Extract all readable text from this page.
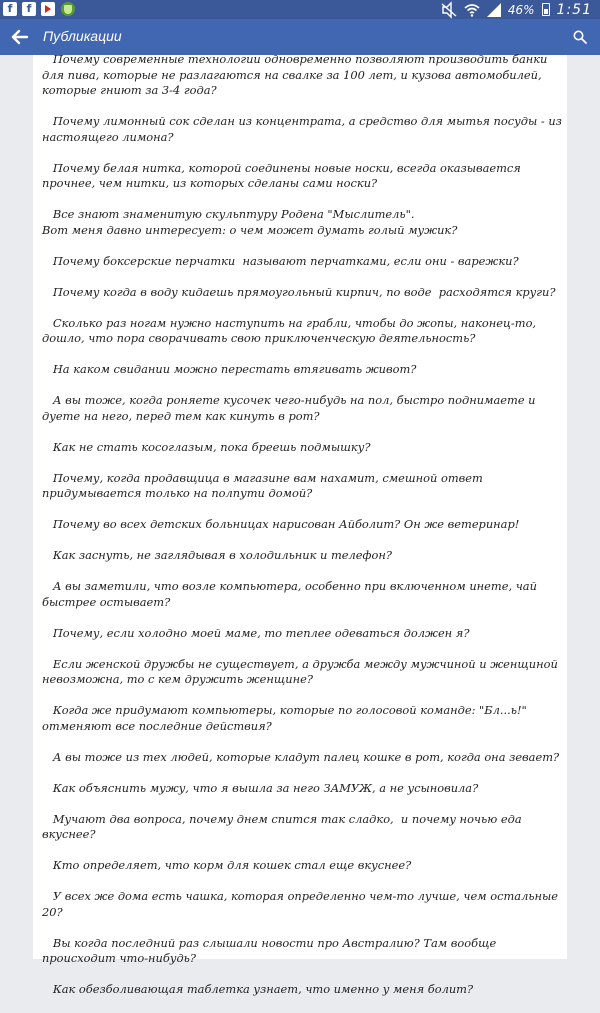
f	f	46% 1:51
Публикации

Почему современные технологии одновременно позволяют производить банки для пива, которые не разлагаются на свалке за 100 лет, и кузова автомобилей, которые гниют за 3-4 года?

Почему лимонный сок сделан из концентрата, а средство для мытья посуды - из настоящего лимона?

Почему белая нитка, которой соединены новые носки, всегда оказывается прочнее, чем нитки, из которых сделаны сами носки?

Все знают знаменитую скульптуру Родена "Мыслитель".
Вот меня давно интересует: о чем может думать голый мужик?

Почему боксерские перчатки  называют перчатками, если они - варежки?

Почему когда в воду кидаешь прямоугольный кирпич, по воде  расходятся круги?

Сколько раз ногам нужно наступить на грабли, чтобы до жопы, наконец-то, дошло, что пора сворачивать свою приключенческую деятельность?

На каком свидании можно перестать втягивать живот?

А вы тоже, когда роняете кусочек чего-нибудь на пол, быстро поднимаете и дуете на него, перед тем как кинуть в рот?

Как не стать косоглазым, пока бреешь подмышку?

Почему, когда продавщица в магазине вам нахамит, смешной ответ придумывается только на полпути домой?

Почему во всех детских больницах нарисован Айболит? Он же ветеринар!

Как заснуть, не заглядывая в холодильник и телефон?

А вы заметили, что возле компьютера, особенно при включенном инете, чай быстрее остывает?

Почему, если холодно моей маме, то теплее одеваться должен я?

Если женской дружбы не существует, а дружба между мужчиной и женщиной невозможна, то с кем дружить женщине?

Когда же придумают компьютеры, которые по голосовой команде: "Бл...ь!" отменяют все последние действия?

А вы тоже из тех людей, которые кладут палец кошке в рот, когда она зевает?

Как объяснить мужу, что я вышла за него ЗАМУЖ, а не усыновила?

Мучают два вопроса, почему днем спится так сладко,  и почему ночью еда вкуснее?

Кто определяет, что корм для кошек стал еще вкуснее?

У всех же дома есть чашка, которая определенно чем-то лучше, чем остальные 20?

Вы когда последний раз слышали новости про Австралию? Там вообще происходит что-нибудь?

Как обезболивающая таблетка узнает, что именно у меня болит?
